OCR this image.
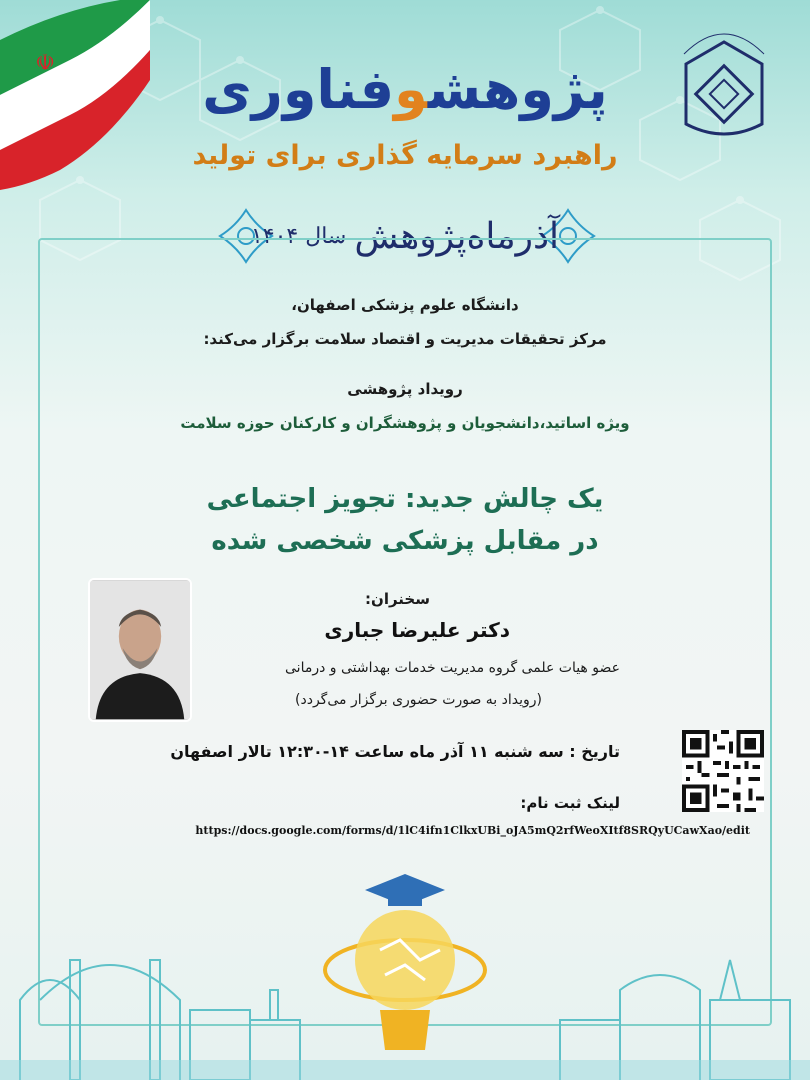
☫	پژوهشوفناوری
راهبرد سرمایه گذاری برای تولید
آذرماه
پژوهش
سال ۱۴۰۴
دانشگاه علوم پزشکی اصفهان،
مرکز تحقیقات مدیریت و اقتصاد سلامت برگزار می‌کند:
رویداد پژوهشی
ویژه اساتید،دانشجویان و پژوهشگران و کارکنان حوزه سلامت
یک چالش جدید: تجویز اجتماعی
در مقابل پزشکی شخصی شده
سخنران:
دکتر علیرضا جباری
عضو هیات علمی گروه مدیریت خدمات بهداشتی و درمانی
(رویداد به صورت حضوری برگزار می‌گردد)
تاریخ : سه شنبه ۱۱ آذر ماه ساعت ۱۴-۱۲:۳۰ تالار اصفهان
لینک ثبت نام:
https://docs.google.com/forms/d/1lC4ifn1ClkxUBi_oJA5mQ2rfWeoXItf8SRQyUCawXao/edit
